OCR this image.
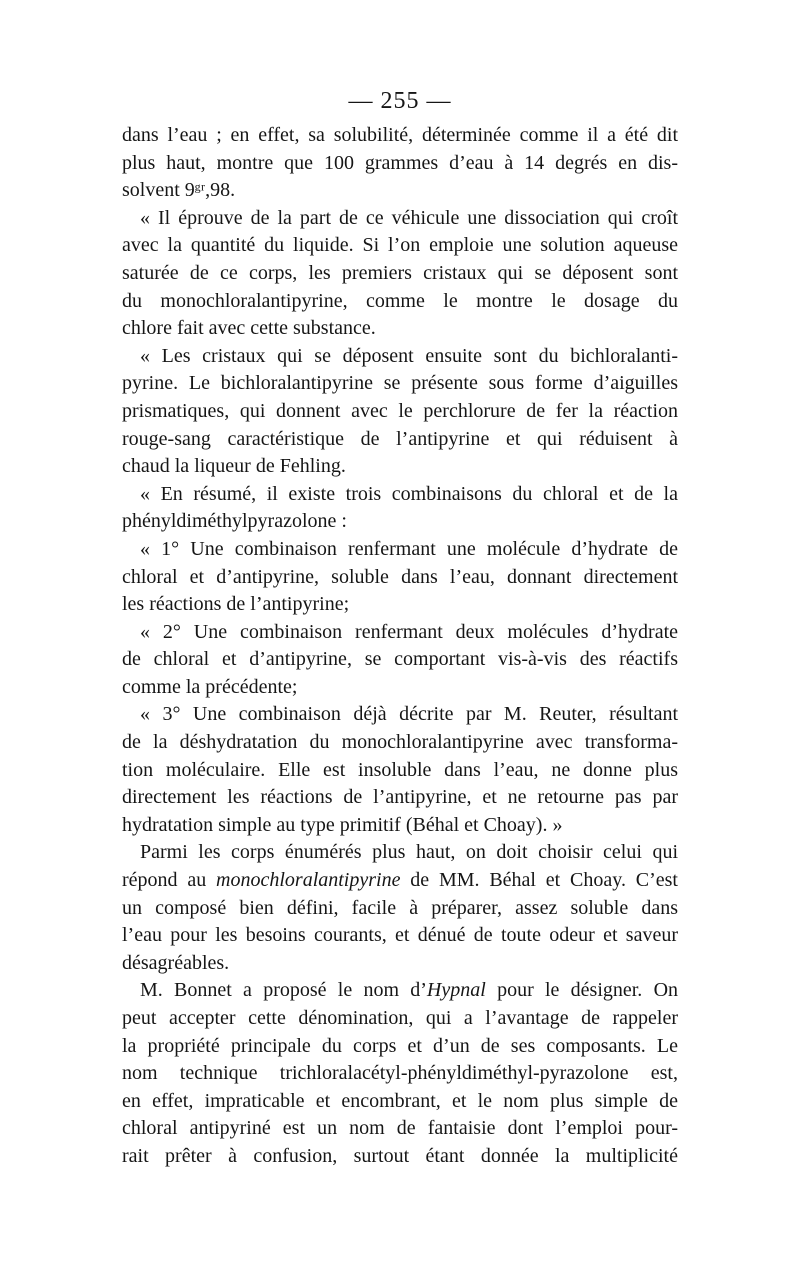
— 255 —

dans l’eau ; en effet, sa solubilité, déterminée comme il a été dit
plus haut, montre que 100 grammes d’eau à 14 degrés en dis-
solvent 9ᵍʳ,98.

« Il éprouve de la part de ce véhicule une dissociation qui croît
avec la quantité du liquide. Si l’on emploie une solution aqueuse
saturée de ce corps, les premiers cristaux qui se déposent sont
du monochloralantipyrine, comme le montre le dosage du
chlore fait avec cette substance.

« Les cristaux qui se déposent ensuite sont du bichloralanti-
pyrine. Le bichloralantipyrine se présente sous forme d’aiguilles
prismatiques, qui donnent avec le perchlorure de fer la réaction
rouge-sang caractéristique de l’antipyrine et qui réduisent à
chaud la liqueur de Fehling.

« En résumé, il existe trois combinaisons du chloral et de la
phényldiméthylpyrazolone :

« 1° Une combinaison renfermant une molécule d’hydrate de
chloral et d’antipyrine, soluble dans l’eau, donnant directement
les réactions de l’antipyrine;

« 2° Une combinaison renfermant deux molécules d’hydrate
de chloral et d’antipyrine, se comportant vis-à-vis des réactifs
comme la précédente;

« 3° Une combinaison déjà décrite par M. Reuter, résultant
de la déshydratation du monochloralantipyrine avec transforma-
tion moléculaire. Elle est insoluble dans l’eau, ne donne plus
directement les réactions de l’antipyrine, et ne retourne pas par
hydratation simple au type primitif (Béhal et Choay). »

Parmi les corps énumérés plus haut, on doit choisir celui qui
répond au monochloralantipyrine de MM. Béhal et Choay. C’est
un composé bien défini, facile à préparer, assez soluble dans
l’eau pour les besoins courants, et dénué de toute odeur et saveur
désagréables.

M. Bonnet a proposé le nom d’Hypnal pour le désigner. On
peut accepter cette dénomination, qui a l’avantage de rappeler
la propriété principale du corps et d’un de ses composants. Le
nom technique trichloralacétyl-phényldiméthyl-pyrazolone est,
en effet, impraticable et encombrant, et le nom plus simple de
chloral antipyriné est un nom de fantaisie dont l’emploi pour-
rait prêter à confusion, surtout étant donnée la multiplicité
